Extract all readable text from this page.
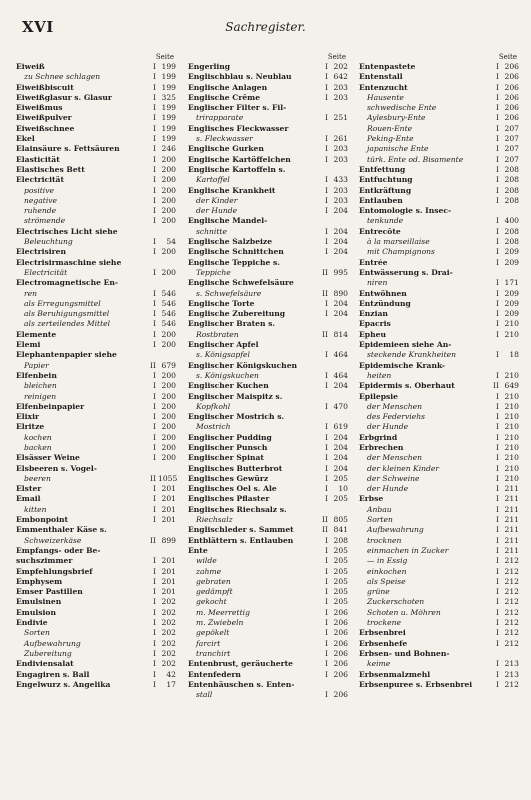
XVI	Sachregister.
Seite
Eiweiß	I 199
zu Schnee schlagen	I 199
Eiweißbiscuit	I 199
Eiweißglasur s. Glasur	I 325
Eiweißmus	I 199
Eiweißpulver	I 199
Eiweißschnee	I 199
Ekel	I 199
Elainsäure s. Fettsäuren	I 246
Elasticität	I 200
Elastisches Bett	I 200
Electricität	I 200
positive	I 200
negative	I 200
ruhende	I 200
strömende	I 200
Electrisches Licht siehe
Beleuchtung	I	54
Electrisiren	I 200
Electrisirmaschine siehe
Electricität	I 200
Electromagnetische En-
ren	I 546
als Erregungsmittel	I 546
als Beruhigungsmittel	I 546
als zerteilendes Mittel	I 546
Elemente	I 200
Elemi	I 200
Elephantenpapier siehe
Papier	II 679
Elfenbein	I 200
bleichen	I 200
reinigen	I 200
Elfenbeinpapier	I 200
Elixir	I 200
Elritze	I 200
kochen	I 200
backen	I 200
Elsässer Weine	I 200
Elsbeeren s. Vogel-
beeren	II 1055
Elster	I 201
Email	I 201
kitten	I 201
Embonpoint	I 201
Emmenthaler Käse s.
Schweizerkäse	II 899
Empfangs- oder Be-
suchszimmer	I 201
Empfehlungsbrief	I 201
Emphysem	I 201
Emser Pastillen	I 201
Emulsinen	I 202
Emulsion	I 202
Endivie	I 202
Sorten	I 202
Aufbewahrung	I 202
Zubereitung	I 202
Endiviensalat	I 202
Engagiren s. Ball	I	42
Engelwurz s. Angelika	I	17
Seite
Engerling	I 202
Englischblau s. Neublau	I 642
Englische Anlagen	I 203
Englische Crême	I 203
Englischer Filter s. Fil-
trirapparate	I 251
Englisches Fleckwasser
s. Fleckwasser	I 261
Englische Gurken	I 203
Englische Kartöffelchen	I 203
Englische Kartoffeln s.
Kartoffel	I 433
Englische Krankheit	I 203
der Kinder	I 203
der Hunde	I 204
Englische Mandel-
schnitte	I 204
Englische Salzbeize	I 204
Englische Schnittchen	I 204
Englische Teppiche s.
Teppiche	II 995
Englische Schwefelsäure
s. Schwefelsäure	II 890
Englische Torte	I 204
Englische Zubereitung	I 204
Englischer Braten s.
Rostbraten	II 814
Englischer Apfel
s. Königsapfel	I 464
Englischer Königskuchen
s. Königskuchen	I 464
Englischer Kuchen	I 204
Englischer Maispitz s.
Kopfkohl	I 470
Englischer Mostrich s.
Mostrich	I 619
Englischer Pudding	I 204
Englischer Punsch	I 204
Englischer Spinat	I 204
Englisches Butterbrot	I 204
Englisches Gewürz	I 205
Englisches Oel s. Ale	I	10
Englisches Pflaster	I 205
Englisches Riechsalz s.
Riechsalz	II 805
Englischleder s. Sammet	II 841
Entblättern s. Entlauben	I 208
Ente	I 205
wilde	I 205
zahme	I 205
gebraten	I 205
gedämpft	I 205
gekocht	I 205
m. Meerrettig	I 206
m. Zwiebeln	I 206
gepökelt	I 206
farcirt	I 206
tranchirt	I 206
Entenbrust, geräucherte	I 206
Entenfedern	I 206
Entenhäuschen s. Enten-
stall	I 206
Seite
Entenpastete	I 206
Entenstall	I 206
Entenzucht	I 206
Hausente	I 206
schwedische Ente	I 206
Aylesbury-Ente	I 206
Rouen-Ente	I 207
Peking-Ente	I 207
japanische Ente	I 207
türk. Ente od. Bisamente	I 207
Entfettung	I 208
Entfuchtung	I 208
Entkräftung	I 208
Entlauben	I 208
Entomologie s. Insec-
tenkunde	I 400
Entrecôte	I 208
à la marseillaise	I 208
mit Champignons	I 209
Entrée	I 209
Entwässerung s. Drai-
niren	I 171
Entwöhnen	I 209
Entzündung	I 209
Enzian	I 209
Epacris	I 210
Epheu	I 210
Epidemieen siehe An-
steckende Krankheiten	I	18
Epidemische Krank-
heiten	I 210
Epidermis s. Oberhaut	II 649
Epilepsie	I 210
der Menschen	I 210
des Federviehs	I 210
der Hunde	I 210
Erbgrind	I 210
Erbrechen	I 210
der Menschen	I 210
der kleinen Kinder	I 210
der Schweine	I 210
der Hunde	I 211
Erbse	I 211
Anbau	I 211
Sorten	I 211
Aufbewahrung	I 211
trocknen	I 211
einmachen in Zucker	I 211
— in Essig	I 212
einkochen	I 212
als Speise	I 212
grüne	I 212
Zuckerschoten	I 212
Schoten u. Möhren	I 212
trockene	I 212
Erbsenbrei	I 212
Erbsenhefe	I 212
Erbsen- und Bohnen-
keime	I 213
Erbsenmalzmehl	I 213
Erbsenpuree s. Erbsenbrei	I 212
